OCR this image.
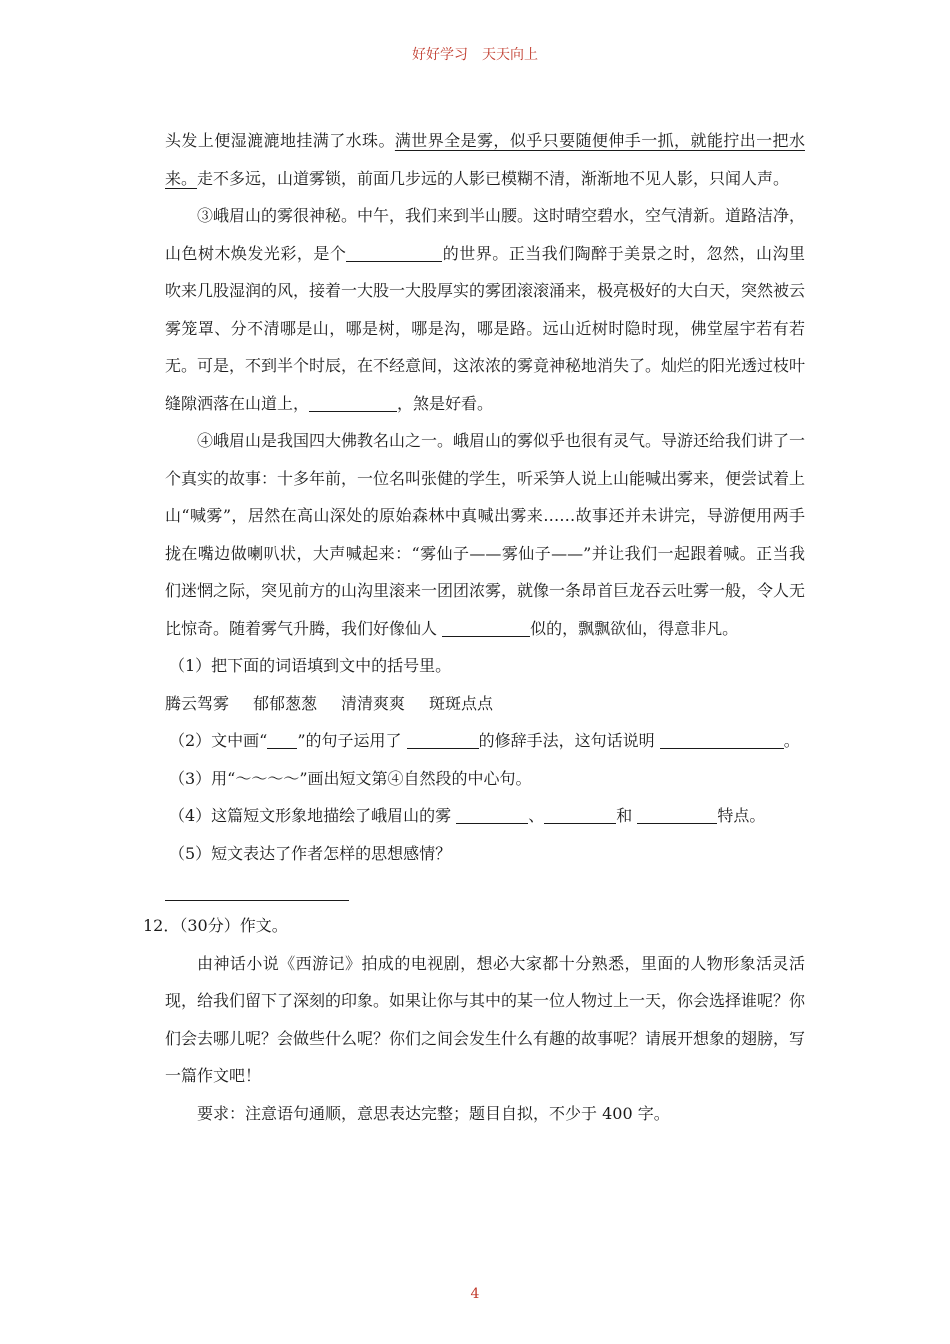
好好学习　天天向上

头发上便湿漉漉地挂满了水珠。满世界全是雾，似乎只要随便伸手一抓，就能拧出一把水来。走不多远，山道雾锁，前面几步远的人影已模糊不清，渐渐地不见人影，只闻人声。

③峨眉山的雾很神秘。中午，我们来到半山腰。这时晴空碧水，空气清新。道路洁净，山色树木焕发光彩，是个	的世界。正当我们陶醉于美景之时，忽然，山沟里吹来几股湿润的风，接着一大股一大股厚实的雾团滚滚涌来，极亮极好的大白天，突然被云雾笼罩、分不清哪是山，哪是树，哪是沟，哪是路。远山近树时隐时现，佛堂屋宇若有若无。可是，不到半个时辰，在不经意间，这浓浓的雾竟神秘地消失了。灿烂的阳光透过枝叶缝隙洒落在山道上，	，煞是好看。

④峨眉山是我国四大佛教名山之一。峨眉山的雾似乎也很有灵气。导游还给我们讲了一个真实的故事：十多年前，一位名叫张健的学生，听采笋人说上山能喊出雾来，便尝试着上山“喊雾”，居然在高山深处的原始森林中真喊出雾来……故事还并未讲完，导游便用两手拢在嘴边做喇叭状，大声喊起来：“雾仙子——雾仙子——”并让我们一起跟着喊。正当我们迷惘之际，突见前方的山沟里滚来一团团浓雾，就像一条昂首巨龙吞云吐雾一般，令人无比惊奇。随着雾气升腾，我们好像仙人	似的，飘飘欲仙，得意非凡。

（1）把下面的词语填到文中的括号里。

腾云驾雾 郁郁葱葱 清清爽爽 斑斑点点

（2）文中画“ ”的句子运用了	的修辞手法，这句话说明	。

（3）用“～～～～”画出短文第④自然段的中心句。

（4）这篇短文形象地描绘了峨眉山的雾	、	和	特点。

（5）短文表达了作者怎样的思想感情？

12．（30分）作文。

由神话小说《西游记》拍成的电视剧，想必大家都十分熟悉，里面的人物形象活灵活现，给我们留下了深刻的印象。如果让你与其中的某一位人物过上一天，你会选择谁呢？你们会去哪儿呢？会做些什么呢？你们之间会发生什么有趣的故事呢？请展开想象的翅膀，写一篇作文吧！

要求：注意语句通顺，意思表达完整；题目自拟，不少于 400 字。

4
